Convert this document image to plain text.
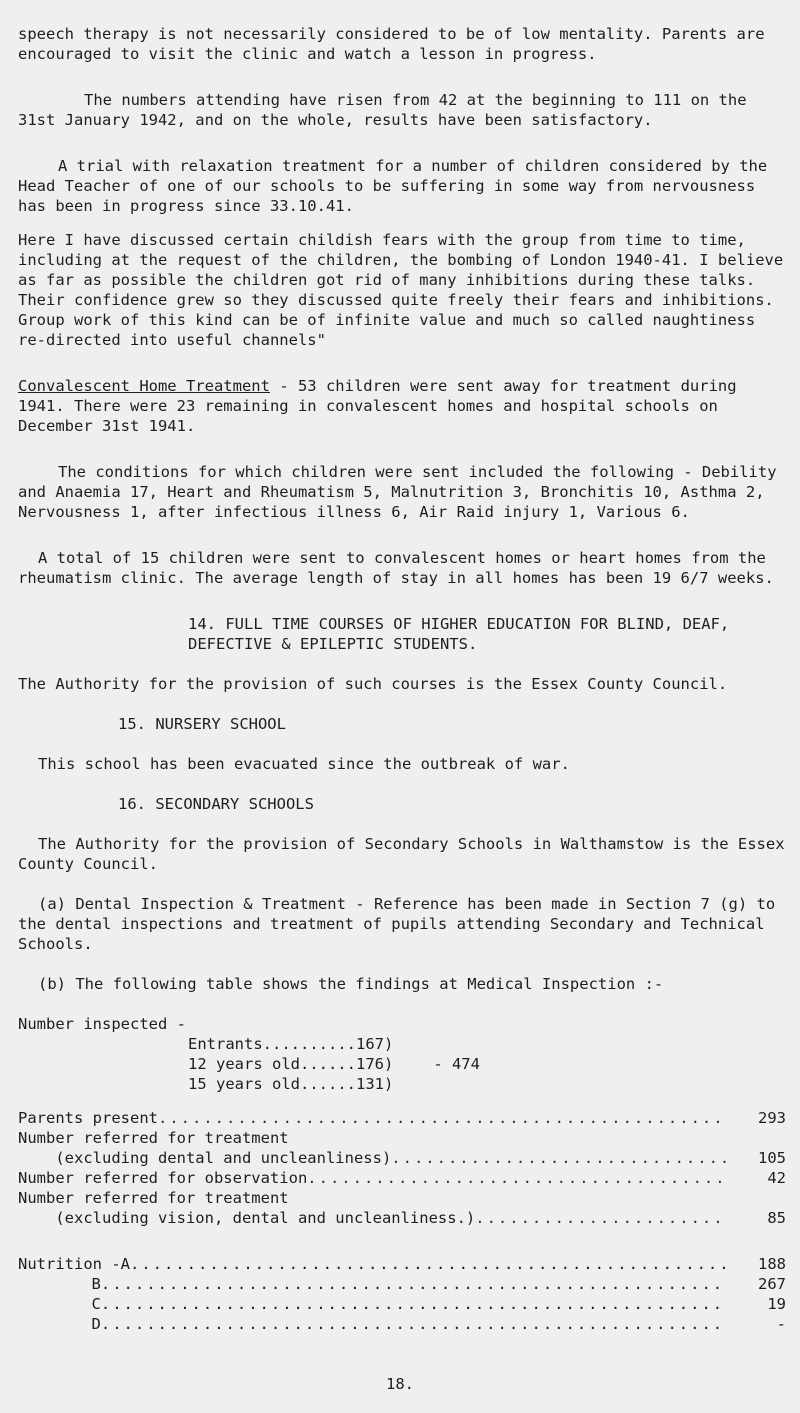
speech therapy is not necessarily considered to be of low mentality. Parents are encouraged to visit the clinic and watch a lesson in progress.

The numbers attending have risen from 42 at the beginning to 111 on the 31st January 1942, and on the whole, results have been satisfactory.

A trial with relaxation treatment for a number of children considered by the Head Teacher of one of our schools to be suffering in some way from nervousness has been in progress since 33.10.41.

Here I have discussed certain childish fears with the group from time to time, including at the request of the children, the bombing of London 1940-41. I believe as far as possible the children got rid of many inhibitions during these talks. Their confidence grew so they discussed quite freely their fears and inhibitions. Group work of this kind can be of infinite value and much so called naughtiness re-directed into useful channels"

Convalescent Home Treatment - 53 children were sent away for treatment during 1941. There were 23 remaining in convalescent homes and hospital schools on December 31st 1941.

The conditions for which children were sent included the following - Debility and Anaemia 17, Heart and Rheumatism 5, Malnutrition 3, Bronchitis 10, Asthma 2, Nervousness 1, after infectious illness 6, Air Raid injury 1, Various 6.

A total of 15 children were sent to convalescent homes or heart homes from the rheumatism clinic. The average length of stay in all homes has been 19 6/7 weeks.

14. FULL TIME COURSES OF HIGHER EDUCATION FOR BLIND, DEAF, DEFECTIVE & EPILEPTIC STUDENTS.

The Authority for the provision of such courses is the Essex County Council.

15. NURSERY SCHOOL

This school has been evacuated since the outbreak of war.

16. SECONDARY SCHOOLS

The Authority for the provision of Secondary Schools in Walthamstow is the Essex County Council.

(a) Dental Inspection & Treatment - Reference has been made in Section 7 (g) to the dental inspections and treatment of pupils attending Secondary and Technical Schools.

(b) The following table shows the findings at Medical Inspection :-

Number inspected -

Entrants..........167)
12 years old......176)
15 years old......131)
- 474
Parents present .....	293
Number referred for treatment
(excluding dental and uncleanliness) .....	105
Number referred for observation .....	42
Number referred for treatment
(excluding vision, dental and uncleanliness.) .....	85
Nutrition - A .....	188
B .....	267
C .....	19
D .....	-
18.
